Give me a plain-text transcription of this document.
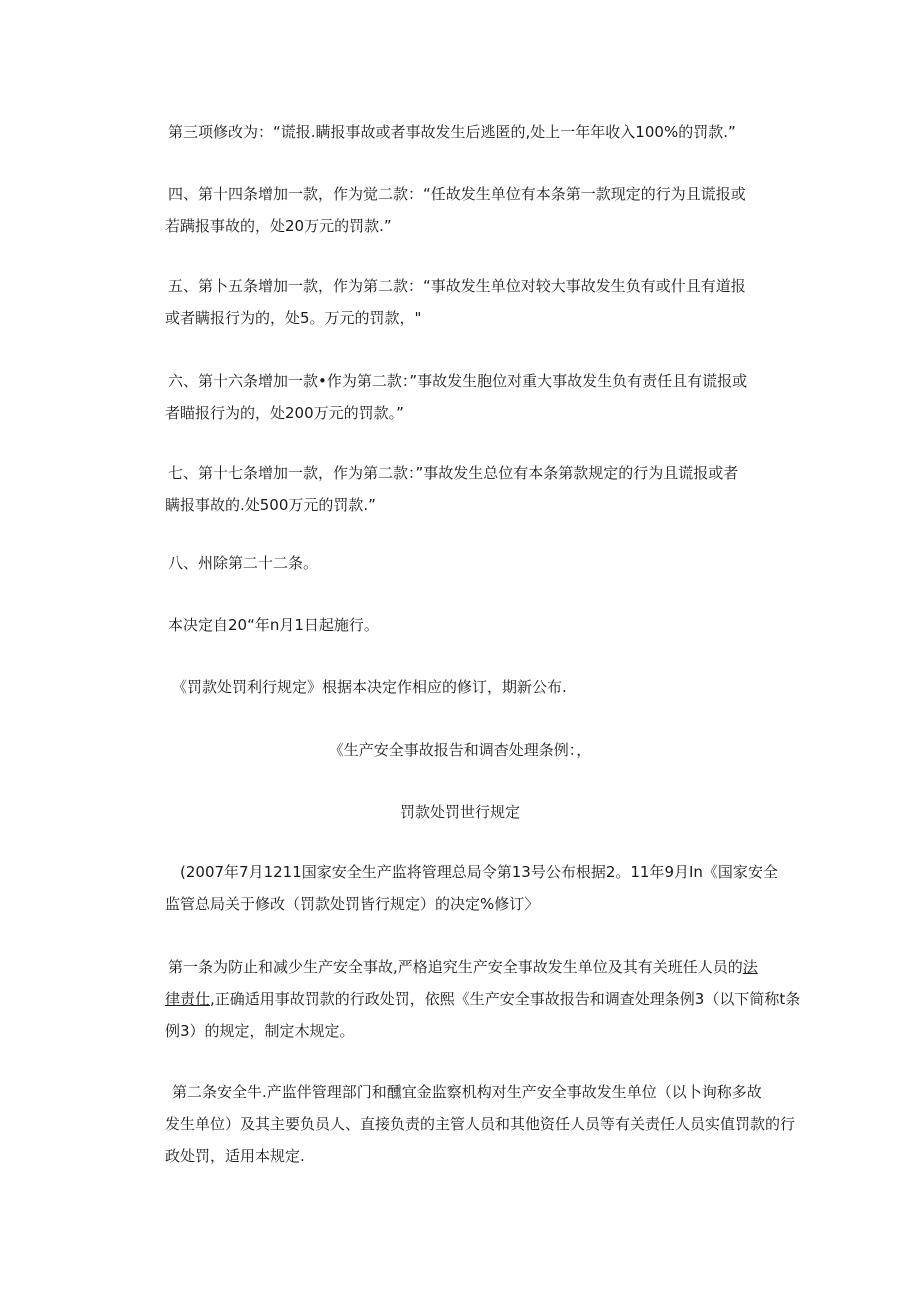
第三项修改为：“谎报.瞒报事故或者事故发生后逃匿的,处上一年年收入100%的罚款.”

四、第十四条增加一款，作为觉二款：“任故发生单位有本条第一款现定的行为且谎报或
若蹒报事故的，处20万元的罚款.”

五、第卜五条增加一款，作为第二款：“事故发生单位对较大事故发生负有或什且有道报
或者瞒报行为的，处5。万元的罚款，"

六、第十六条增加一款•作为第二款：”事故发生胞位对重大事故发生负有责任且有谎报或
者瞄报行为的，处200万元的罚款。”

七、第十七条增加一款，作为第二款：”事故发生总位有本条第款规定的行为且谎报或者
瞒报事故的.处500万元的罚款.”

八、州除第二十二条。

本决定自20“年n月1日起施行。

《罚款处罚利行规定》根据本决定作相应的修订，期新公布.

《生产安全事故报告和调杳处理条例：，

罚款处罚世行规定

(2007年7月1211国家安全生产监将管理总局令第13号公布根据2。11年9月In《国家安全
监管总局关于修改（罚款处罚皆行规定）的决定%修订〉

第一条为防止和减少生产安全事故,严格追究生产安全事故发生单位及其有关班任人员的法
律责仕,正确适用事故罚款的行政处罚，依熙《生产安全事故报告和调查处理条例3（以下简称t条
例3）的规定，制定木规定。

第二条安全牛.产监伴管理部门和醺宜金监察机构对生产安全事故发生单位（以卜询称多故
发生单位）及其主要负员人、直接负责的主管人员和其他资任人员等有关责任人员实值罚款的行
政处罚，适用本规定.
